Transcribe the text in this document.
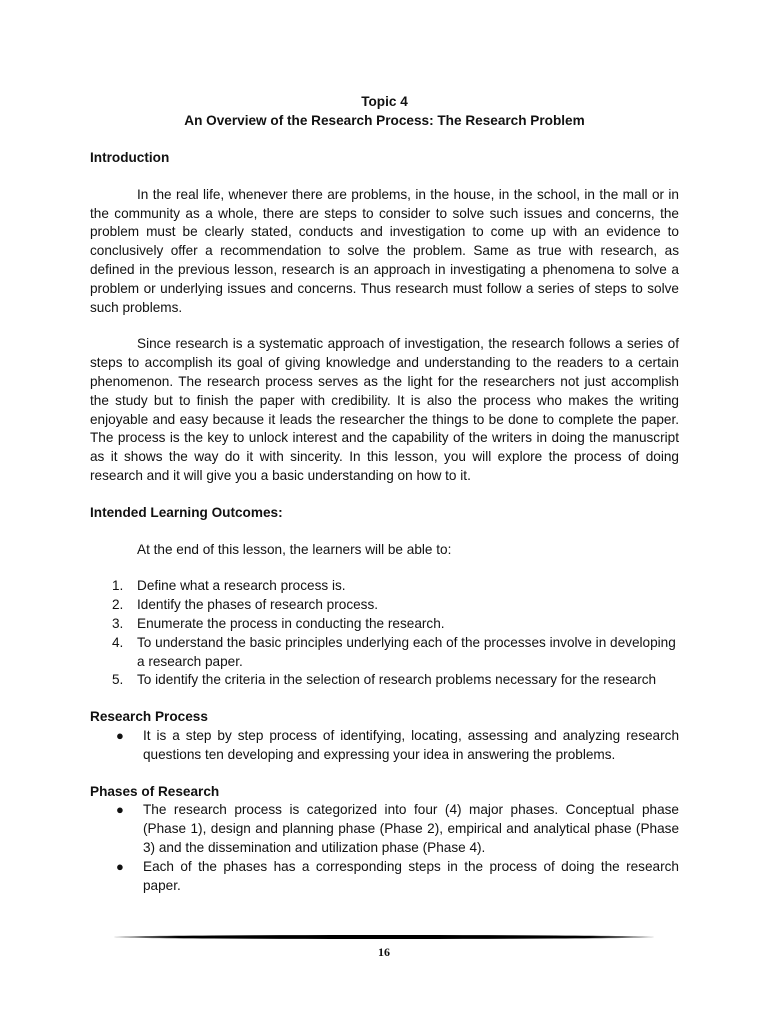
Topic 4
An Overview of the Research Process: The Research Problem

Introduction

In the real life, whenever there are problems, in the house, in the school, in the mall or in the community as a whole, there are steps to consider to solve such issues and concerns, the problem must be clearly stated, conducts and investigation to come up with an evidence to conclusively offer a recommendation to solve the problem. Same as true with research, as defined in the previous lesson, research is an approach in investigating a phenomena to solve a problem or underlying issues and concerns. Thus research must follow a series of steps to solve such problems.

Since research is a systematic approach of investigation, the research follows a series of steps to accomplish its goal of giving knowledge and understanding to the readers to a certain phenomenon. The research process serves as the light for the researchers not just accomplish the study but to finish the paper with credibility. It is also the process who makes the writing enjoyable and easy because it leads the researcher the things to be done to complete the paper. The process is the key to unlock interest and the capability of the writers in doing the manuscript as it shows the way do it with sincerity. In this lesson, you will explore the process of doing research and it will give you a basic understanding on how to it.

Intended Learning Outcomes:

At the end of this lesson, the learners will be able to:

1. Define what a research process is.
2. Identify the phases of research process.
3. Enumerate the process in conducting the research.
4. To understand the basic principles underlying each of the processes involve in developing a research paper.
5. To identify the criteria in the selection of research problems necessary for the research

Research Process

● It is a step by step process of identifying, locating, assessing and analyzing research questions ten developing and expressing your idea in answering the problems.

Phases of Research

● The research process is categorized into four (4) major phases. Conceptual phase (Phase 1), design and planning phase (Phase 2), empirical and analytical phase (Phase 3) and the dissemination and utilization phase (Phase 4).
● Each of the phases has a corresponding steps in the process of doing the research paper.
16
